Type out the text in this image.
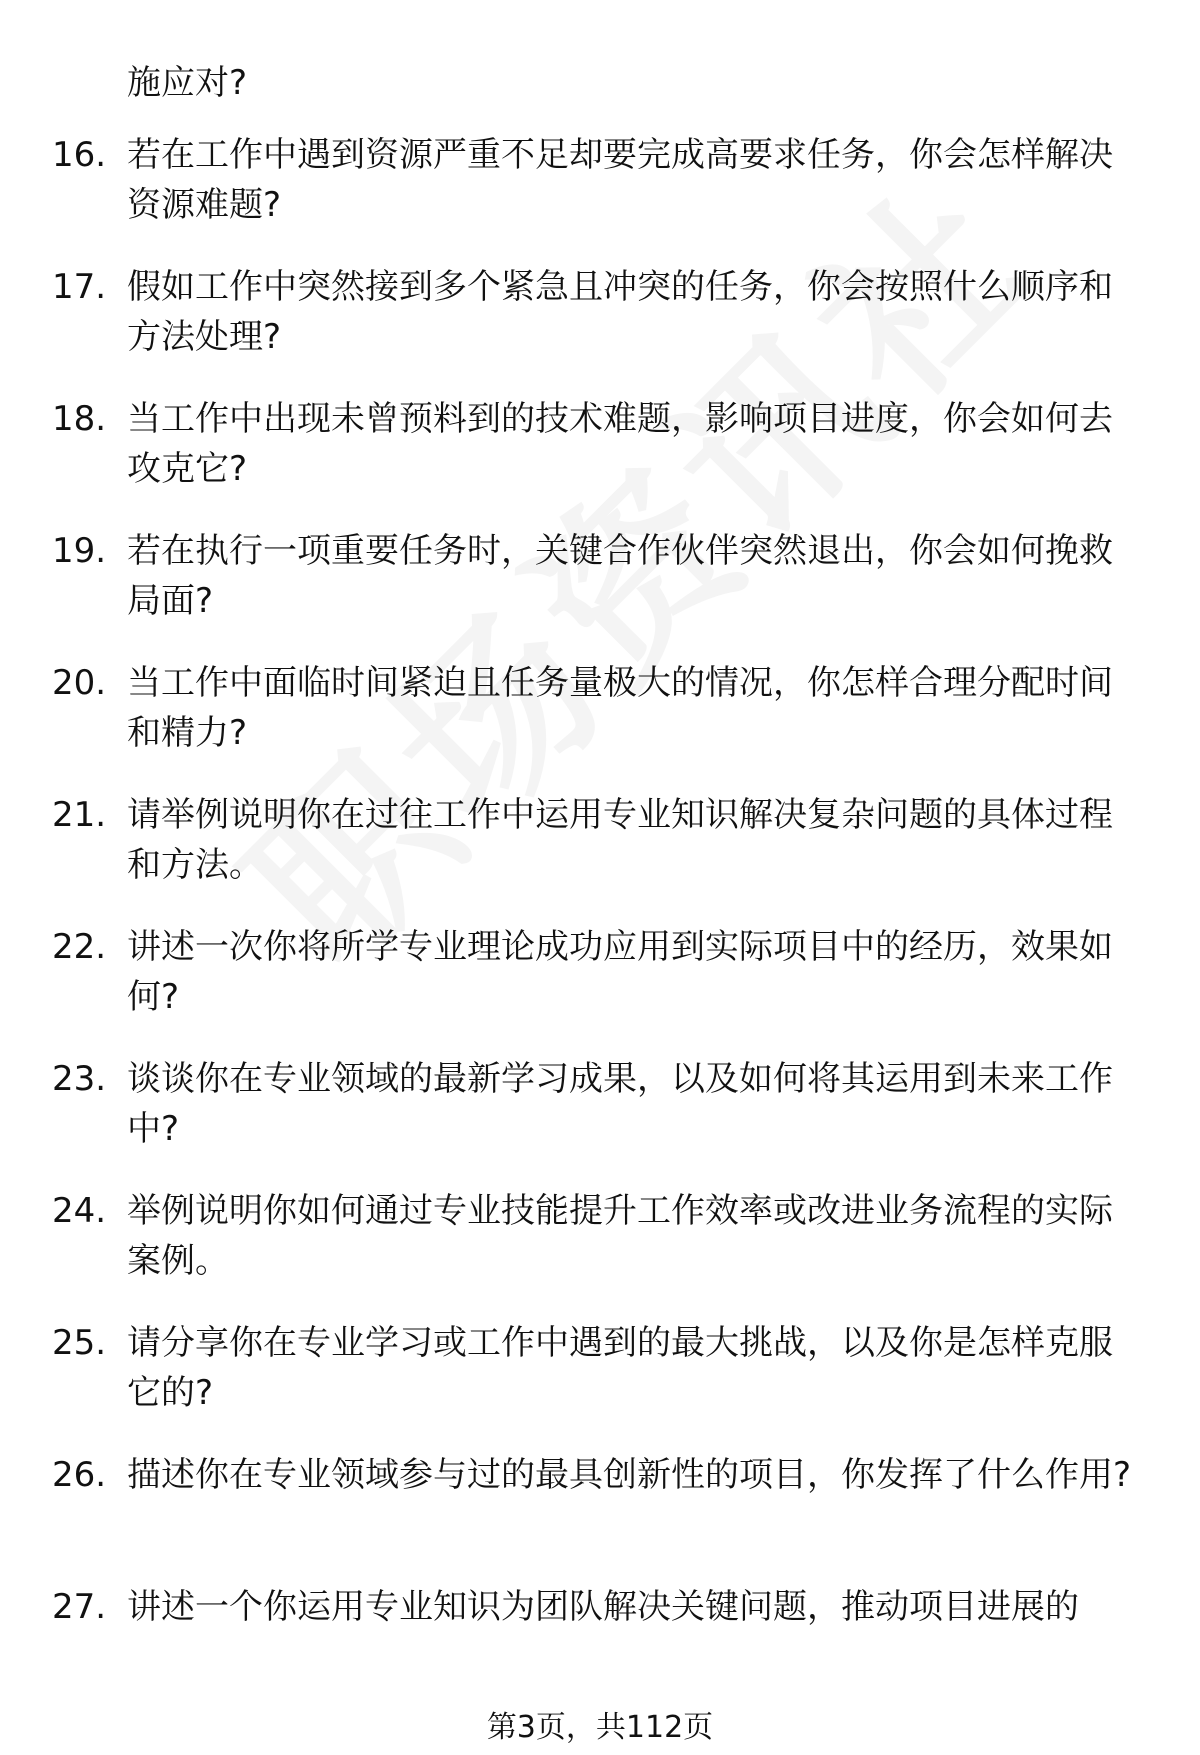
施应对?

16. 若在工作中遇到资源严重不足却要完成高要求任务，你会怎样解决资源难题?
17. 假如工作中突然接到多个紧急且冲突的任务，你会按照什么顺序和方法处理?
18. 当工作中出现未曾预料到的技术难题，影响项目进度，你会如何去攻克它?
19. 若在执行一项重要任务时，关键合作伙伴突然退出，你会如何挽救局面?
20. 当工作中面临时间紧迫且任务量极大的情况，你怎样合理分配时间和精力?
21. 请举例说明你在过往工作中运用专业知识解决复杂问题的具体过程和方法。
22. 讲述一次你将所学专业理论成功应用到实际项目中的经历，效果如何?
23. 谈谈你在专业领域的最新学习成果，以及如何将其运用到未来工作中?
24. 举例说明你如何通过专业技能提升工作效率或改进业务流程的实际案例。
25. 请分享你在专业学习或工作中遇到的最大挑战，以及你是怎样克服它的?
26. 描述你在专业领域参与过的最具创新性的项目，你发挥了什么作用?
27. 讲述一个你运用专业知识为团队解决关键问题，推动项目进展的
第3页，共112页
